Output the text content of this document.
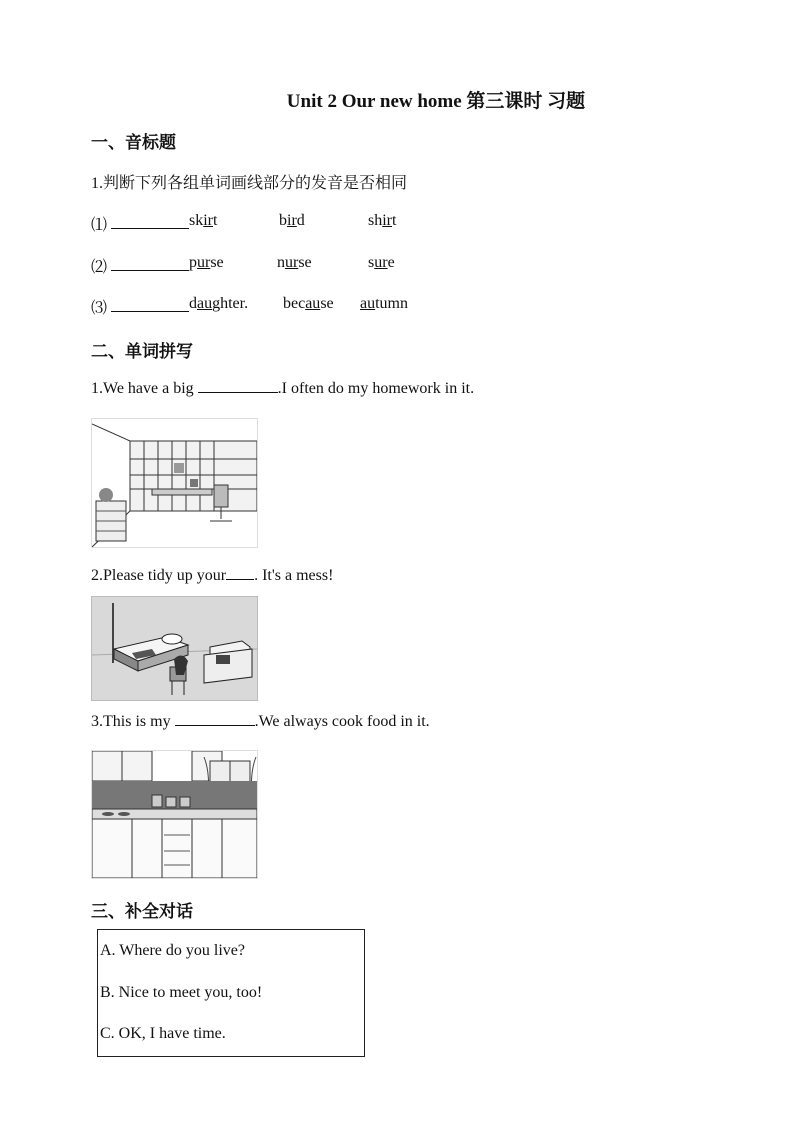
Unit 2 Our new home 第三课时 习题
一、音标题
1.判断下列各组单词画线部分的发音是否相同
⑴	skirt	bird	shirt
⑵	purse	nurse	sure
⑶	daughter. because autumn
二、单词拼写
1.We have a big	.I often do my homework in it.
2.Please tidy up your . It's a mess!
3.This is my	.We always cook food in it.
三、补全对话
A. Where do you live?
B. Nice to meet you, too!
C. OK, I have time.
